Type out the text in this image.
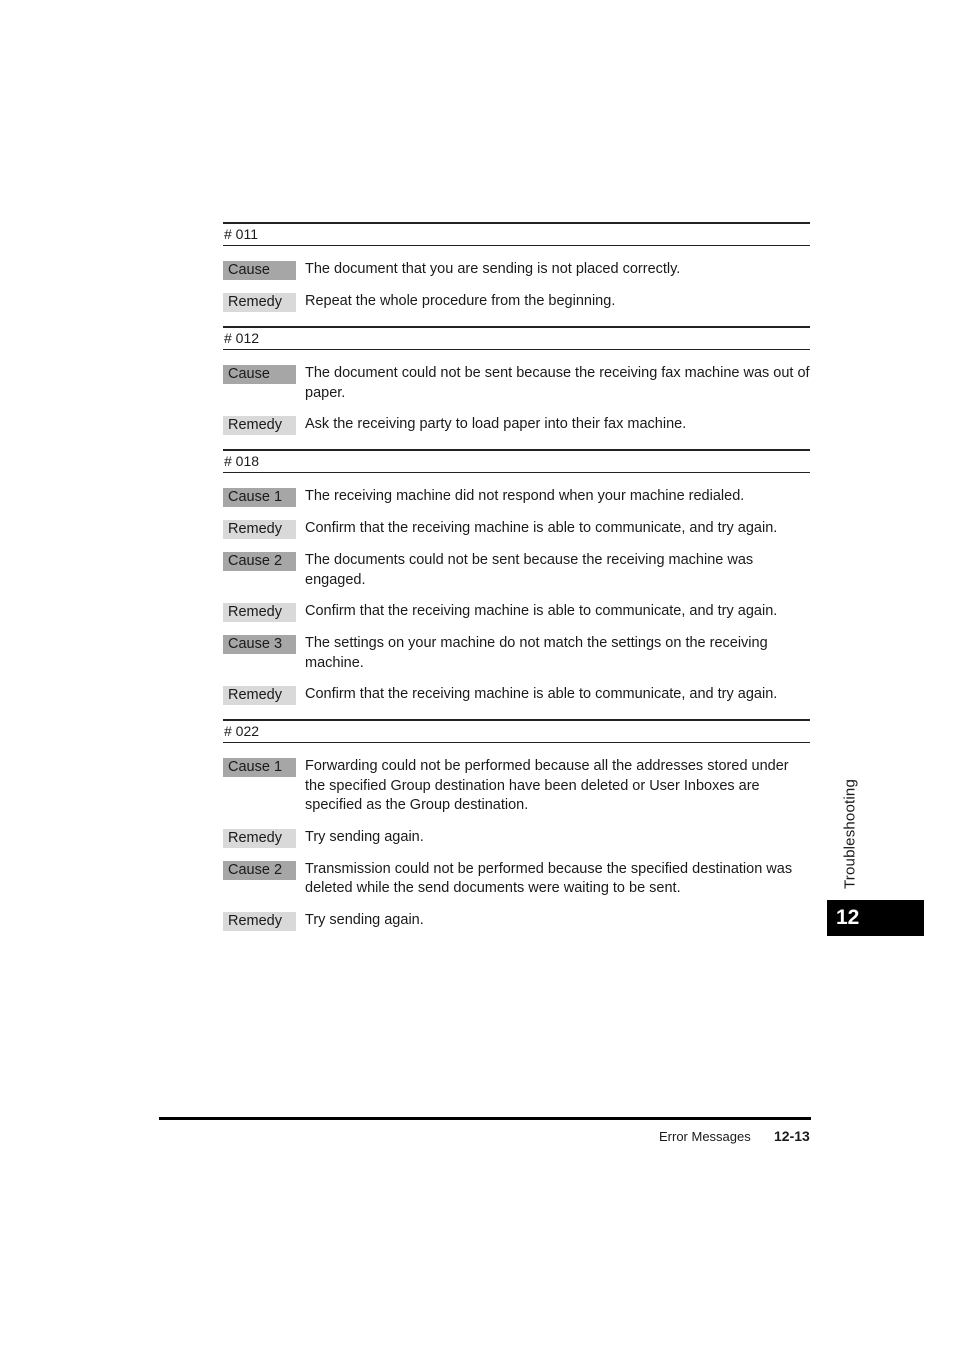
# 011
Cause	The document that you are sending is not placed correctly.
Remedy	Repeat the whole procedure from the beginning.
# 012
Cause	The document could not be sent because the receiving fax machine was out of paper.
Remedy	Ask the receiving party to load paper into their fax machine.
# 018
Cause 1	The receiving machine did not respond when your machine redialed.
Remedy	Confirm that the receiving machine is able to communicate, and try again.
Cause 2	The documents could not be sent because the receiving machine was engaged.
Remedy	Confirm that the receiving machine is able to communicate, and try again.
Cause 3	The settings on your machine do not match the settings on the receiving machine.
Remedy	Confirm that the receiving machine is able to communicate, and try again.
# 022
Cause 1	Forwarding could not be performed because all the addresses stored under the specified Group destination have been deleted or User Inboxes are specified as the Group destination.
Remedy	Try sending again.
Cause 2	Transmission could not be performed because the specified destination was deleted while the send documents were waiting to be sent.
Remedy	Try sending again.
Troubleshooting
12
Error Messages 12-13
